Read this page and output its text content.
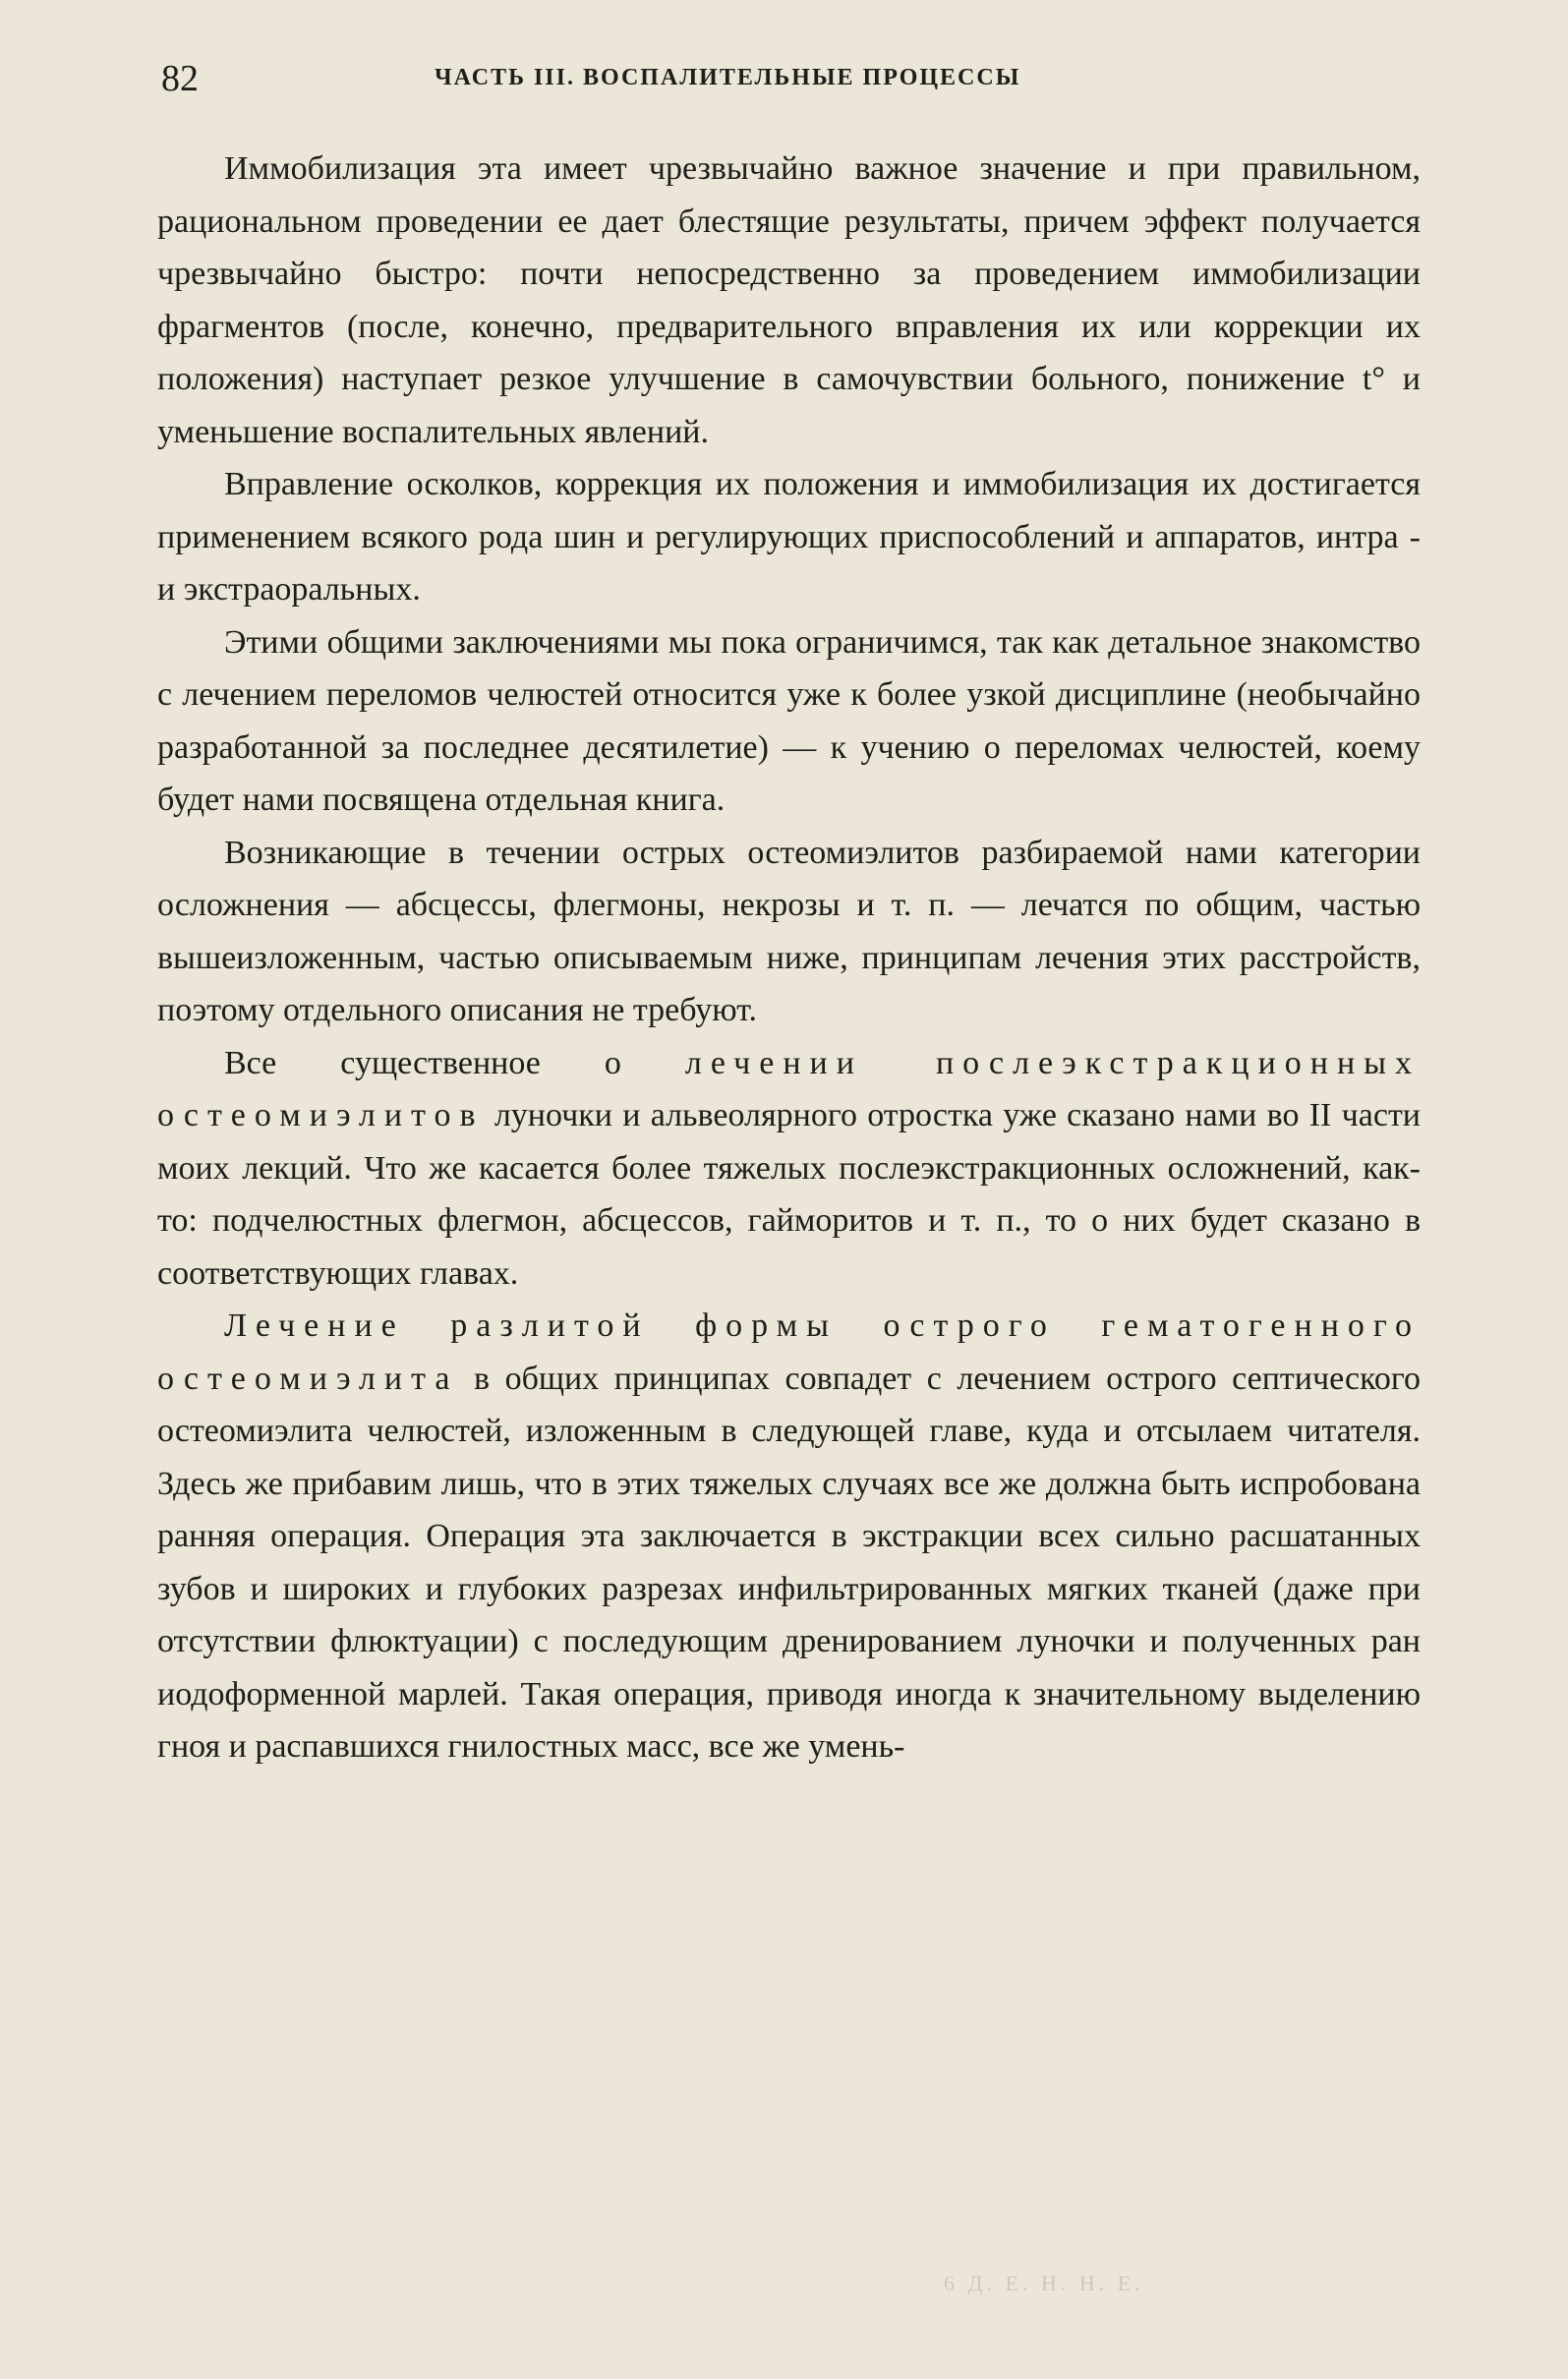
82	ЧАСТЬ III. ВОСПАЛИТЕЛЬНЫЕ ПРОЦЕССЫ

Иммобилизация эта имеет чрезвычайно важное значение и при правильном, рациональном проведении ее дает блестящие результаты, причем эффект получается чрезвычайно быстро: почти непосредственно за проведением иммобилизации фрагментов (после, конечно, предварительного вправления их или коррекции их положения) наступает резкое улучшение в самочувствии больного, понижение t° и уменьшение воспалительных явлений.

Вправление осколков, коррекция их положения и иммобилизация их достигается применением всякого рода шин и регулирующих приспособлений и аппаратов, интра - и экстраоральных.

Этими общими заключениями мы пока ограничимся, так как детальное знакомство с лечением переломов челюстей относится уже к более узкой дисциплине (необычайно разработанной за последнее десятилетие) — к учению о переломах челюстей, коему будет нами посвящена отдельная книга.

Возникающие в течении острых остеомиэлитов разбираемой нами категории осложнения — абсцессы, флегмоны, некрозы и т. п. — лечатся по общим, частью вышеизложенным, частью описываемым ниже, принципам лечения этих расстройств, поэтому отдельного описания не требуют.

Все существенное о лечении послеэкстракционных остеомиэлитов луночки и альвеолярного отростка уже сказано нами во II части моих лекций. Что же касается более тяжелых послеэкстракционных осложнений, как-то: подчелюстных флегмон, абсцессов, гайморитов и т. п., то о них будет сказано в соответствующих главах.

Лечение разлитой формы острого гематогенного остеомиэлита в общих принципах совпадет с лечением острого септического остеомиэлита челюстей, изложенным в следующей главе, куда и отсылаем читателя. Здесь же прибавим лишь, что в этих тяжелых случаях все же должна быть испробована ранняя операция. Операция эта заключается в экстракции всех сильно расшатанных зубов и широких и глубоких разрезах инфильтрированных мягких тканей (даже при отсутствии флюктуации) с последующим дренированием луночки и полученных ран иодоформенной марлей. Такая операция, приводя иногда к значительному выделению гноя и распавшихся гнилостных масс, все же умень-

6 Д. Е. Н. Н. Е.
